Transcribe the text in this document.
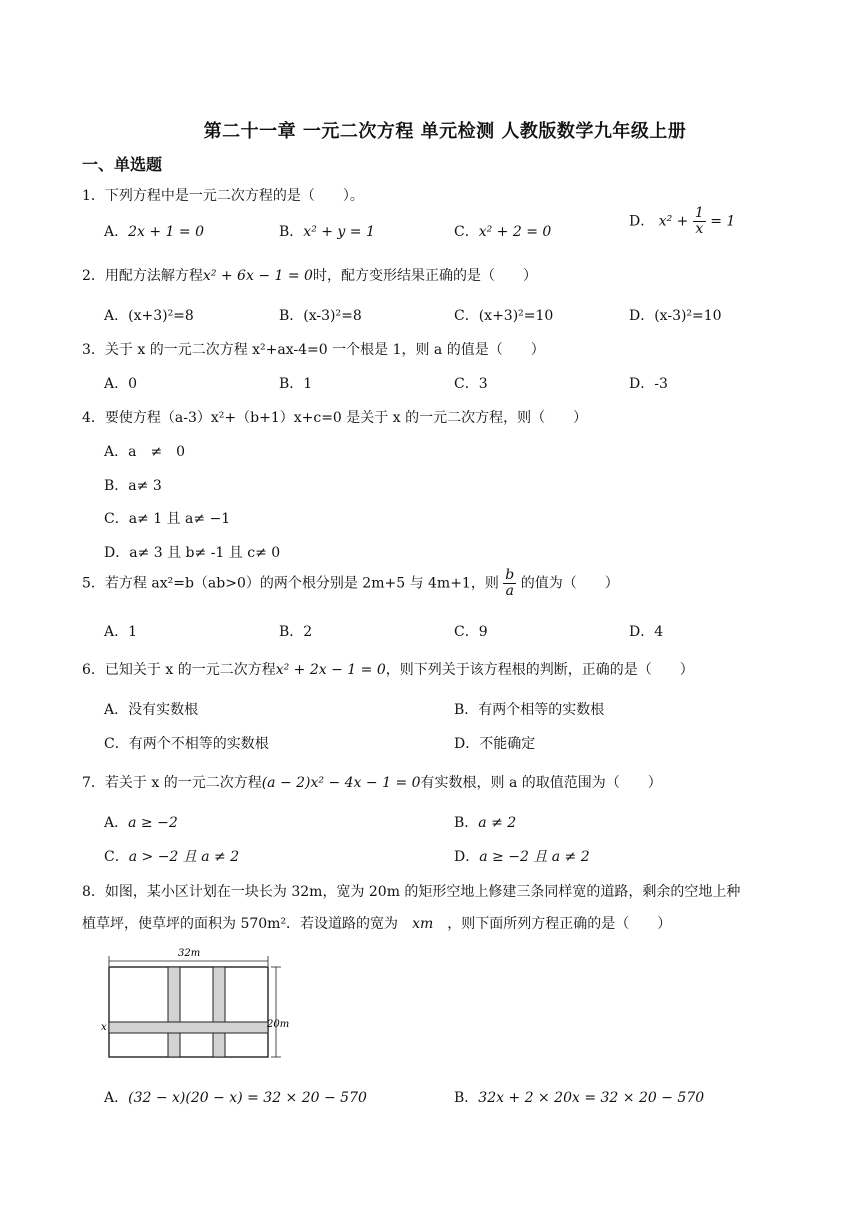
第二十一章 一元二次方程 单元检测 人教版数学九年级上册
一、单选题
1．下列方程中是一元二次方程的是（　　）。
A．2x + 1 = 0	B．x² + y = 1	C．x² + 2 = 0
D． $x^2 + \frac{1}{x} = 1$
2．用配方法解方程x² + 6x − 1 = 0时，配方变形结果正确的是（　　）
A．(x+3)²=8	B．(x-3)²=8	C．(x+3)²=10	D．(x-3)²=10
3．关于 x 的一元二次方程 x²+ax-4=0 一个根是 1，则 a 的值是（　　）
A．0	B．1	C．3	D．-3
4．要使方程（a-3）x²+（b+1）x+c=0 是关于 x 的一元二次方程，则（　　）
A．a　≠　0
B．a≠ 3
C．a≠ 1 且 a≠ −1
D．a≠ 3 且 b≠ -1 且 c≠ 0
5．若方程 ax²=b（ab>0）的两个根分别是 2m+5 与 4m+1，则 $\frac{b}{a}$ 的值为（　　）
A．1	B．2	C．9	D．4
6．已知关于 x 的一元二次方程x² + 2x − 1 = 0，则下列关于该方程根的判断，正确的是（　　）
A．没有实数根	B．有两个相等的实数根
C．有两个不相等的实数根	D．不能确定
7．若关于 x 的一元二次方程(a − 2)x² − 4x − 1 = 0有实数根，则 a 的取值范围为（　　）
A．a ≥ −2	B．a ≠ 2
C．a > −2 且 a ≠ 2	D．a ≥ −2 且 a ≠ 2
8．如图，某小区计划在一块长为 32m，宽为 20m 的矩形空地上修建三条同样宽的道路，剩余的空地上种
植草坪，使草坪的面积为 570m²．若设道路的宽为　 xm　 ，则下面所列方程正确的是（　　）
32m
20m
x
A．(32 − x)(20 − x) = 32 × 20 − 570	B．32x + 2 × 20x = 32 × 20 − 570
